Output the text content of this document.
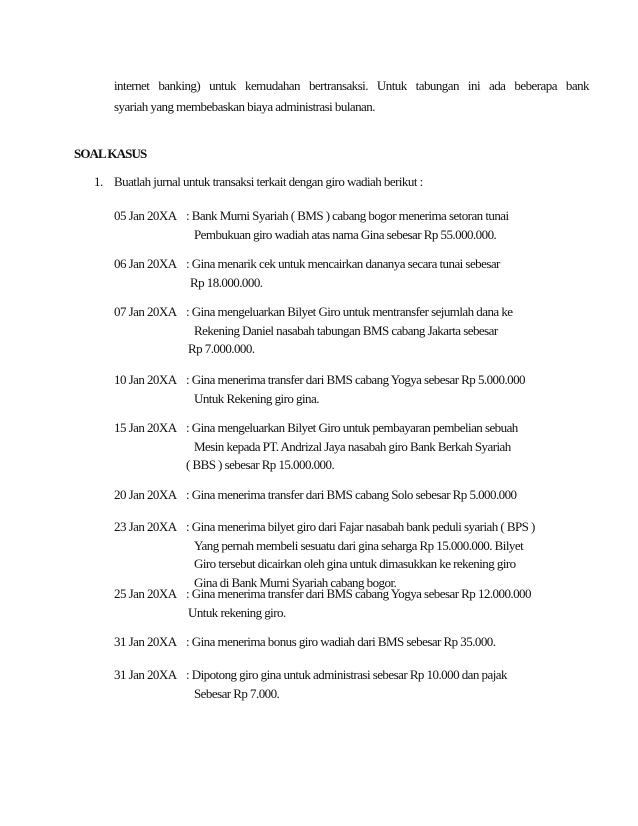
internet banking) untuk kemudahan bertransaksi. Untuk tabungan ini ada beberapa bank
syariah yang membebaskan biaya administrasi bulanan.
SOAL KASUS
1. Buatlah jurnal untuk transaksi terkait dengan giro wadiah berikut :
05 Jan 20XA : Bank Murni Syariah ( BMS ) cabang bogor menerima setoran tunai
Pembukuan giro wadiah atas nama Gina sebesar Rp 55.000.000.
06 Jan 20XA : Gina menarik cek untuk mencairkan dananya secara tunai sebesar
Rp 18.000.000.
07 Jan 20XA : Gina mengeluarkan Bilyet Giro untuk mentransfer sejumlah dana ke
Rekening Daniel nasabah tabungan BMS cabang Jakarta sebesar
Rp 7.000.000.
10 Jan 20XA : Gina menerima transfer dari BMS cabang Yogya sebesar Rp 5.000.000
Untuk Rekening giro gina.
15 Jan 20XA : Gina mengeluarkan Bilyet Giro untuk pembayaran pembelian sebuah
Mesin kepada PT. Andrizal Jaya nasabah giro Bank Berkah Syariah
( BBS ) sebesar Rp 15.000.000.
20 Jan 20XA : Gina menerima transfer dari BMS cabang Solo sebesar Rp 5.000.000
23 Jan 20XA : Gina menerima bilyet giro dari Fajar nasabah bank peduli syariah ( BPS )
Yang pernah membeli sesuatu dari gina seharga Rp 15.000.000. Bilyet
Giro tersebut dicairkan oleh gina untuk dimasukkan ke rekening giro
Gina di Bank Murni Syariah cabang bogor.
25 Jan 20XA : Gina menerima transfer dari BMS cabang Yogya sebesar Rp 12.000.000
Untuk rekening giro.
31 Jan 20XA : Gina menerima bonus giro wadiah dari BMS sebesar Rp 35.000.
31 Jan 20XA : Dipotong giro gina untuk administrasi sebesar Rp 10.000 dan pajak
Sebesar Rp 7.000.
